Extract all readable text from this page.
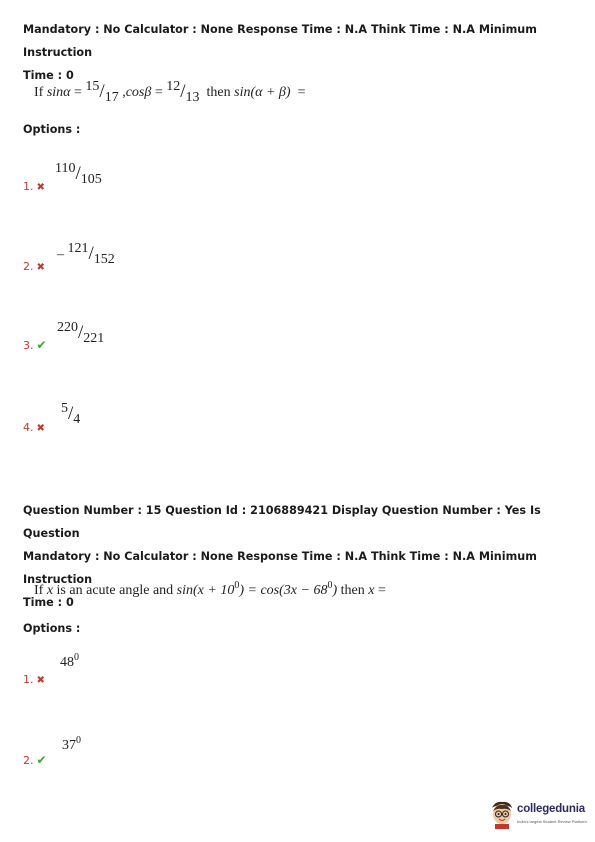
Mandatory : No Calculator : None Response Time : N.A Think Time : N.A Minimum Instruction
Time : 0
If sinα = 15/17 ,cosβ = 12/13 then sin(α + β) =
Options :
110/105
1. ✖
– 121/152
2. ✖
220/221
3. ✔
5/4
4. ✖
Question Number : 15 Question Id : 2106889421 Display Question Number : Yes Is Question
Mandatory : No Calculator : None Response Time : N.A Think Time : N.A Minimum Instruction
Time : 0
If x is an acute angle and $\sin(x + 10^0) = \cos(3x - 68^0)$ then x =
Options :
$48^0$
1. ✖
$37^0$
2. ✔
collegedunia
India's largest Student Review Platform
